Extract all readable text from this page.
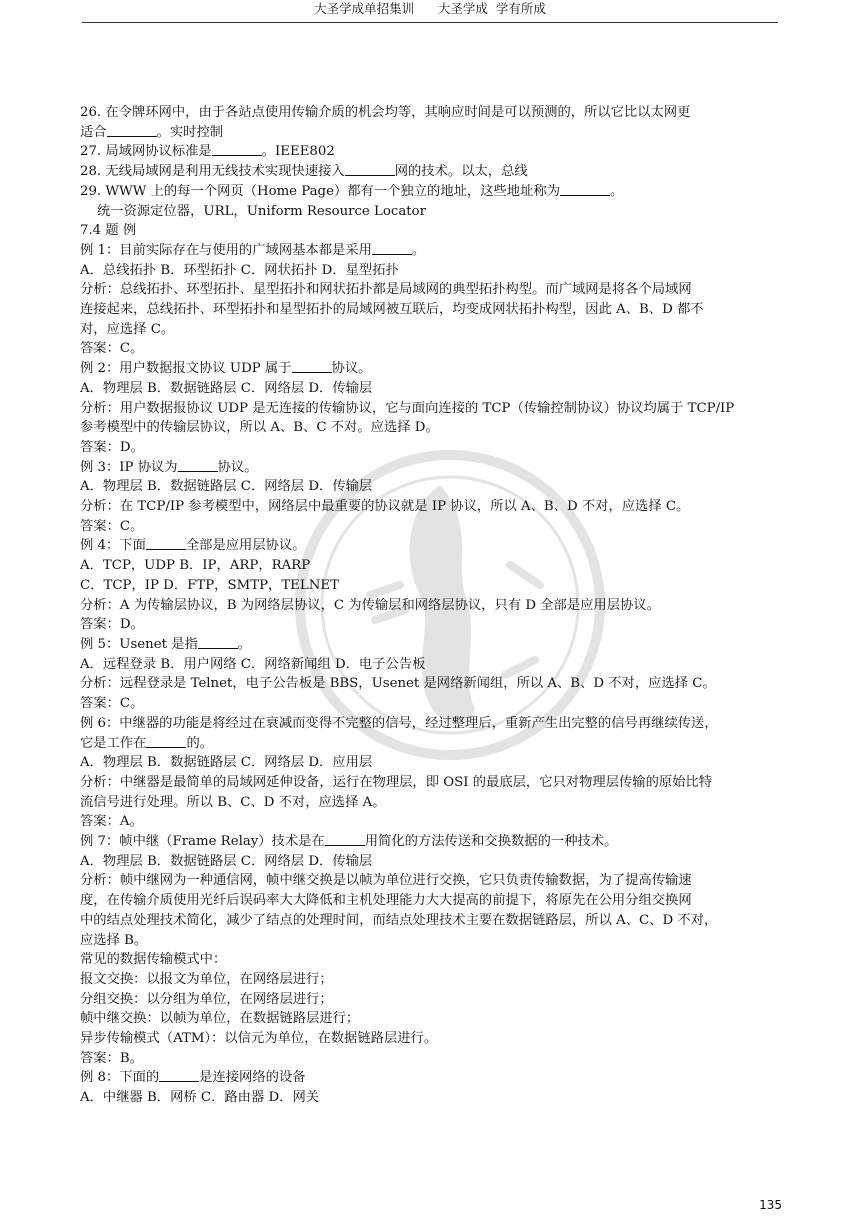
大圣学成单招集训      大圣学成  学有所成
26. 在令牌环网中，由于各站点使用传输介质的机会均等，其响应时间是可以预测的，所以它比以太网更
适合	。实时控制
27. 局域网协议标准是	。IEEE802
28. 无线局域网是利用无线技术实现快速接入	网的技术。以太，总线
29. WWW 上的每一个网页（Home Page）都有一个独立的地址，这些地址称为	。
统一资源定位器，URL，Uniform Resource Locator
7.4 题 例
例 1：目前实际存在与使用的广域网基本都是采用	。
A．总线拓扑 B．环型拓扑 C．网状拓扑 D．星型拓扑
分析：总线拓扑、环型拓扑、星型拓扑和网状拓扑都是局域网的典型拓扑构型。而广域网是将各个局域网
连接起来，总线拓扑、环型拓扑和星型拓扑的局域网被互联后，均变成网状拓扑构型，因此 A、B、D 都不
对，应选择 C。
答案：C。
例 2：用户数据报文协议 UDP 属于	协议。
A．物理层 B．数据链路层 C．网络层 D．传输层
分析：用户数据报协议 UDP 是无连接的传输协议，它与面向连接的 TCP（传输控制协议）协议均属于 TCP/IP
参考模型中的传输层协议，所以 A、B、C 不对。应选择 D。
答案：D。
例 3：IP 协议为	协议。
A．物理层 B．数据链路层 C．网络层 D．传输层
分析：在 TCP/IP 参考模型中，网络层中最重要的协议就是 IP 协议，所以 A、B、D 不对，应选择 C。
答案：C。
例 4：下面	全部是应用层协议。
A．TCP，UDP B．IP，ARP，RARP
C．TCP，IP D．FTP，SMTP，TELNET
分析：A 为传输层协议，B 为网络层协议，C 为传输层和网络层协议，只有 D 全部是应用层协议。
答案：D。
例 5：Usenet 是指	。
A．远程登录 B．用户网络 C．网络新闻组 D．电子公告板
分析：远程登录是 Telnet，电子公告板是 BBS，Usenet 是网络新闻组，所以 A、B、D 不对，应选择 C。
答案：C。
例 6：中继器的功能是将经过在衰减而变得不完整的信号，经过整理后，重新产生出完整的信号再继续传送，
它是工作在	的。
A．物理层 B．数据链路层 C．网络层 D．应用层
分析：中继器是最简单的局域网延伸设备，运行在物理层，即 OSI 的最底层，它只对物理层传输的原始比特
流信号进行处理。所以 B、C、D 不对，应选择 A。
答案：A。
例 7：帧中继（Frame Relay）技术是在	用简化的方法传送和交换数据的一种技术。
A．物理层 B．数据链路层 C．网络层 D．传输层
分析：帧中继网为一种通信网，帧中继交换是以帧为单位进行交换，它只负责传输数据，为了提高传输速
度，在传输介质使用光纤后误码率大大降低和主机处理能力大大提高的前提下，将原先在公用分组交换网
中的结点处理技术简化，减少了结点的处理时间，而结点处理技术主要在数据链路层，所以 A、C、D 不对，
应选择 B。
常见的数据传输模式中：
报文交换：以报文为单位，在网络层进行；
分组交换：以分组为单位，在网络层进行；
帧中继交换：以帧为单位，在数据链路层进行；
异步传输模式（ATM）：以信元为单位，在数据链路层进行。
答案：B。
例 8：下面的	是连接网络的设备
A．中继器 B．网桥 C．路由器 D．网关
135
